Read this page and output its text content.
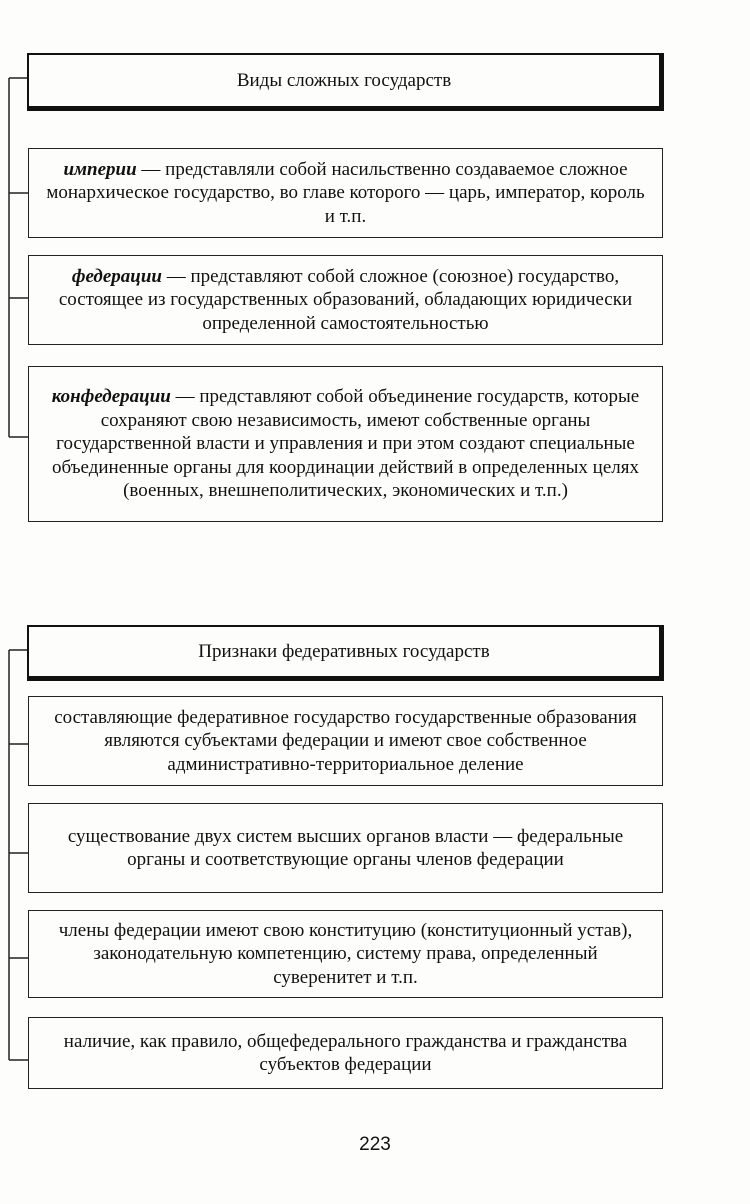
Виды сложных государств
империи — представляли собой насильственно создаваемое сложное монархическое государство, во главе которого — царь, император, король и т.п.
федерации — представляют собой сложное (союзное) государство, состоящее из государственных образований, обладающих юридически определенной самостоятельностью
конфедерации — представляют собой объединение государств, которые сохраняют свою независимость, имеют собственные органы государственной власти и управления и при этом создают специальные объединенные органы для координации действий в определенных целях (военных, внешнеполитических, экономических и т.п.)
Признаки федеративных государств
составляющие федеративное государство государственные образования являются субъектами федерации и имеют свое собственное административно-территориальное деление
существование двух систем высших органов власти — федеральные органы и соответствующие органы членов федерации
члены федерации имеют свою конституцию (конституционный устав), законодательную компетенцию, систему права, определенный суверенитет и т.п.
наличие, как правило, общефедерального гражданства и гражданства субъектов федерации
223
